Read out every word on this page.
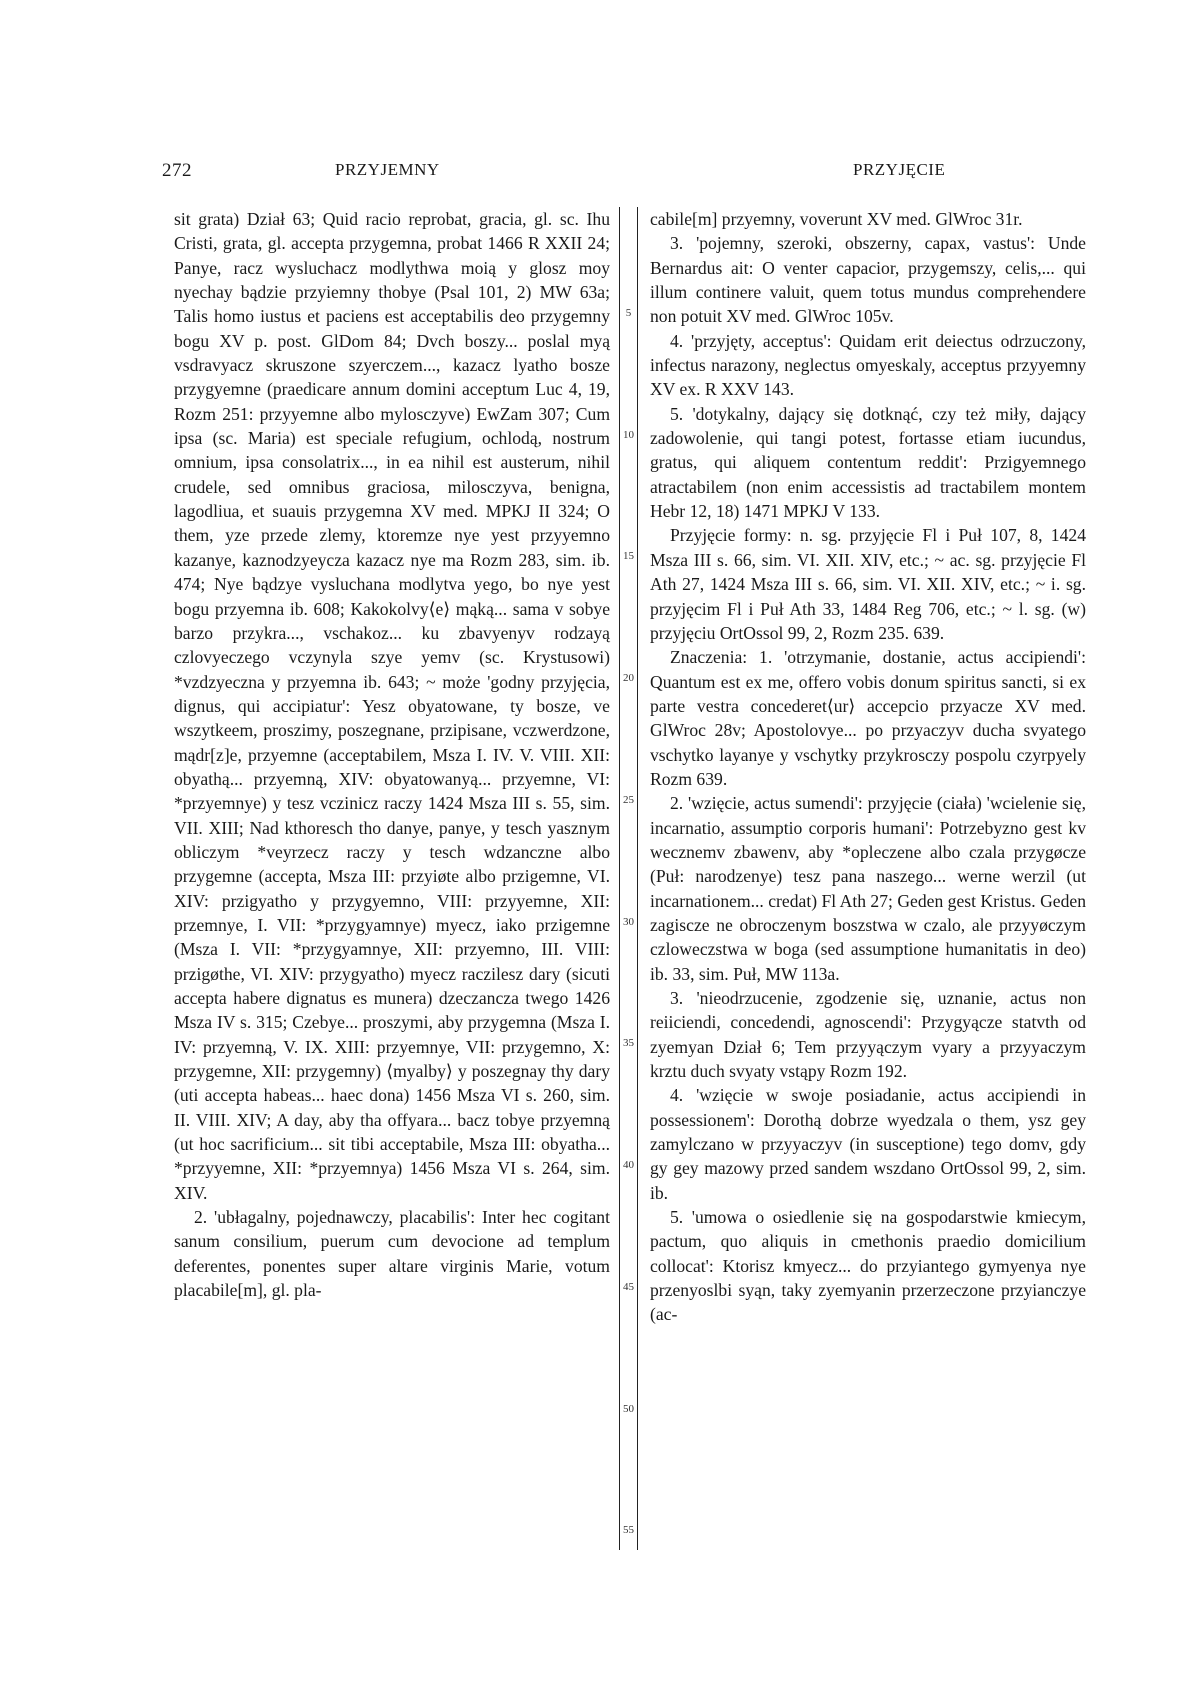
272	PRZYJEMNY	PRZYJĘCIE
5
10
15
20
25
30
35
40
45
50
55

sit grata) Dział 63; Quid racio reprobat, gracia, gl. sc. Ihu Cristi, grata, gl. accepta przygemna, probat 1466 R XXII 24; Panye, racz wysluchacz modlythwa moią y glosz moy nyechay bądzie przyiemny thobye (Psal 101, 2) MW 63a; Talis homo iustus et paciens est acceptabilis deo przygemny bogu XV p. post. GlDom 84; Dvch boszy... poslal myą vsdravyacz skruszone szyerczem..., kazacz lyatho bosze przygyemne (praedicare annum domini acceptum Luc 4, 19, Rozm 251: przyyemne albo mylosczyve) EwZam 307; Cum ipsa (sc. Maria) est speciale refugium, ochlodą, nostrum omnium, ipsa consolatrix..., in ea nihil est austerum, nihil crudele, sed omnibus graciosa, milosczyva, benigna, lagodliua, et suauis przygemna XV med. MPKJ II 324; O them, yze przede zlemy, ktoremze nye yest przyyemno kazanye, kaznodzyeycza kazacz nye ma Rozm 283, sim. ib. 474; Nye bądzye vysluchana modlytva yego, bo nye yest bogu przyemna ib. 608; Kakokolvy⟨e⟩ mąką... sama v sobye barzo przykra..., vschakoz... ku zbavyenyv rodzayą czlovyeczego vczynyla szye yemv (sc. Krystusowi) *vzdzyeczna y przyemna ib. 643; ~ może 'godny przyjęcia, dignus, qui accipiatur': Yesz obyatowane, ty bosze, ve wszytkeem, proszimy, poszegnane, przipisane, vczwerdzone, mądr[z]e, przyemne (acceptabilem, Msza I. IV. V. VIII. XII: obyathą... przyemną, XIV: obyatowanyą... przyemne, VI: *przyemnye) y tesz vczinicz raczy 1424 Msza III s. 55, sim. VII. XIII; Nad kthoresch tho danye, panye, y tesch yasznym obliczym *veyrzecz raczy y tesch wdzanczne albo przygemne (accepta, Msza III: przyiøte albo przigemne, VI. XIV: przigyatho y przygyemno, VIII: przyyemne, XII: przemnye, I. VII: *przygyamnye) myecz, iako przigemne (Msza I. VII: *przygyamnye, XII: przyemno, III. VIII: przigøthe, VI. XIV: przygyatho) myecz raczilesz dary (sicuti accepta habere dignatus es munera) dzeczancza twego 1426 Msza IV s. 315; Czebye... proszymi, aby przygemna (Msza I. IV: przyemną, V. IX. XIII: przyemnye, VII: przygemno, X: przygemne, XII: przygemny) ⟨myalby⟩ y poszegnay thy dary (uti accepta habeas... haec dona) 1456 Msza VI s. 260, sim. II. VIII. XIV; A day, aby tha offyara... bacz tobye przyemną (ut hoc sacrificium... sit tibi acceptabile, Msza III: obyatha... *przyyemne, XII: *przyemnya) 1456 Msza VI s. 264, sim. XIV.

2. 'ubłagalny, pojednawczy, placabilis': Inter hec cogitant sanum consilium, puerum cum devocione ad templum deferentes, ponentes super altare virginis Marie, votum placabile[m], gl. pla-

cabile[m] przyemny, voverunt XV med. GlWroc 31r.

3. 'pojemny, szeroki, obszerny, capax, vastus': Unde Bernardus ait: O venter capacior, przygemszy, celis,... qui illum continere valuit, quem totus mundus comprehendere non potuit XV med. GlWroc 105v.

4. 'przyjęty, acceptus': Quidam erit deiectus odrzuczony, infectus narazony, neglectus omyeskaly, acceptus przyyemny XV ex. R XXV 143.

5. 'dotykalny, dający się dotknąć, czy też miły, dający zadowolenie, qui tangi potest, fortasse etiam iucundus, gratus, qui aliquem contentum reddit': Przigyemnego atractabilem (non enim accessistis ad tractabilem montem Hebr 12, 18) 1471 MPKJ V 133.

Przyjęcie formy: n. sg. przyjęcie Fl i Puł 107, 8, 1424 Msza III s. 66, sim. VI. XII. XIV, etc.; ~ ac. sg. przyjęcie Fl Ath 27, 1424 Msza III s. 66, sim. VI. XII. XIV, etc.; ~ i. sg. przyjęcim Fl i Puł Ath 33, 1484 Reg 706, etc.; ~ l. sg. (w) przyjęciu OrtOssol 99, 2, Rozm 235. 639.

Znaczenia: 1. 'otrzymanie, dostanie, actus accipiendi': Quantum est ex me, offero vobis donum spiritus sancti, si ex parte vestra concederet⟨ur⟩ accepcio przyacze XV med. GlWroc 28v; Apostolovye... po przyaczyv ducha svyatego vschytko layanye y vschytky przykrosczy pospolu czyrpyely Rozm 639.

2. 'wzięcie, actus sumendi': przyjęcie (ciała) 'wcielenie się, incarnatio, assumptio corporis humani': Potrzebyzno gest kv wecznemv zbawenv, aby *opleczene albo czala przygøcze (Puł: narodzenye) tesz pana naszego... werne werzil (ut incarnationem... credat) Fl Ath 27; Geden gest Kristus. Geden zagiscze ne obroczenym boszstwa w czalo, ale przyyøczym czloweczstwa w boga (sed assumptione humanitatis in deo) ib. 33, sim. Puł, MW 113a.

3. 'nieodrzucenie, zgodzenie się, uznanie, actus non reiiciendi, concedendi, agnoscendi': Przygyącze statvth od zyemyan Dział 6; Tem przyyączym vyary a przyyaczym krztu duch svyaty vstąpy Rozm 192.

4. 'wzięcie w swoje posiadanie, actus accipiendi in possessionem': Dorothą dobrze wyedzala o them, ysz gey zamylczano w przyyaczyv (in susceptione) tego domv, gdy gy gey mazowy przed sandem wszdano OrtOssol 99, 2, sim. ib.

5. 'umowa o osiedlenie się na gospodarstwie kmiecym, pactum, quo aliquis in cmethonis praedio domicilium collocat': Ktorisz kmyecz... do przyiantego gymyenya nye przenyoslbi syąn, taky zyemyanin przerzeczone przyianczye (ac-
